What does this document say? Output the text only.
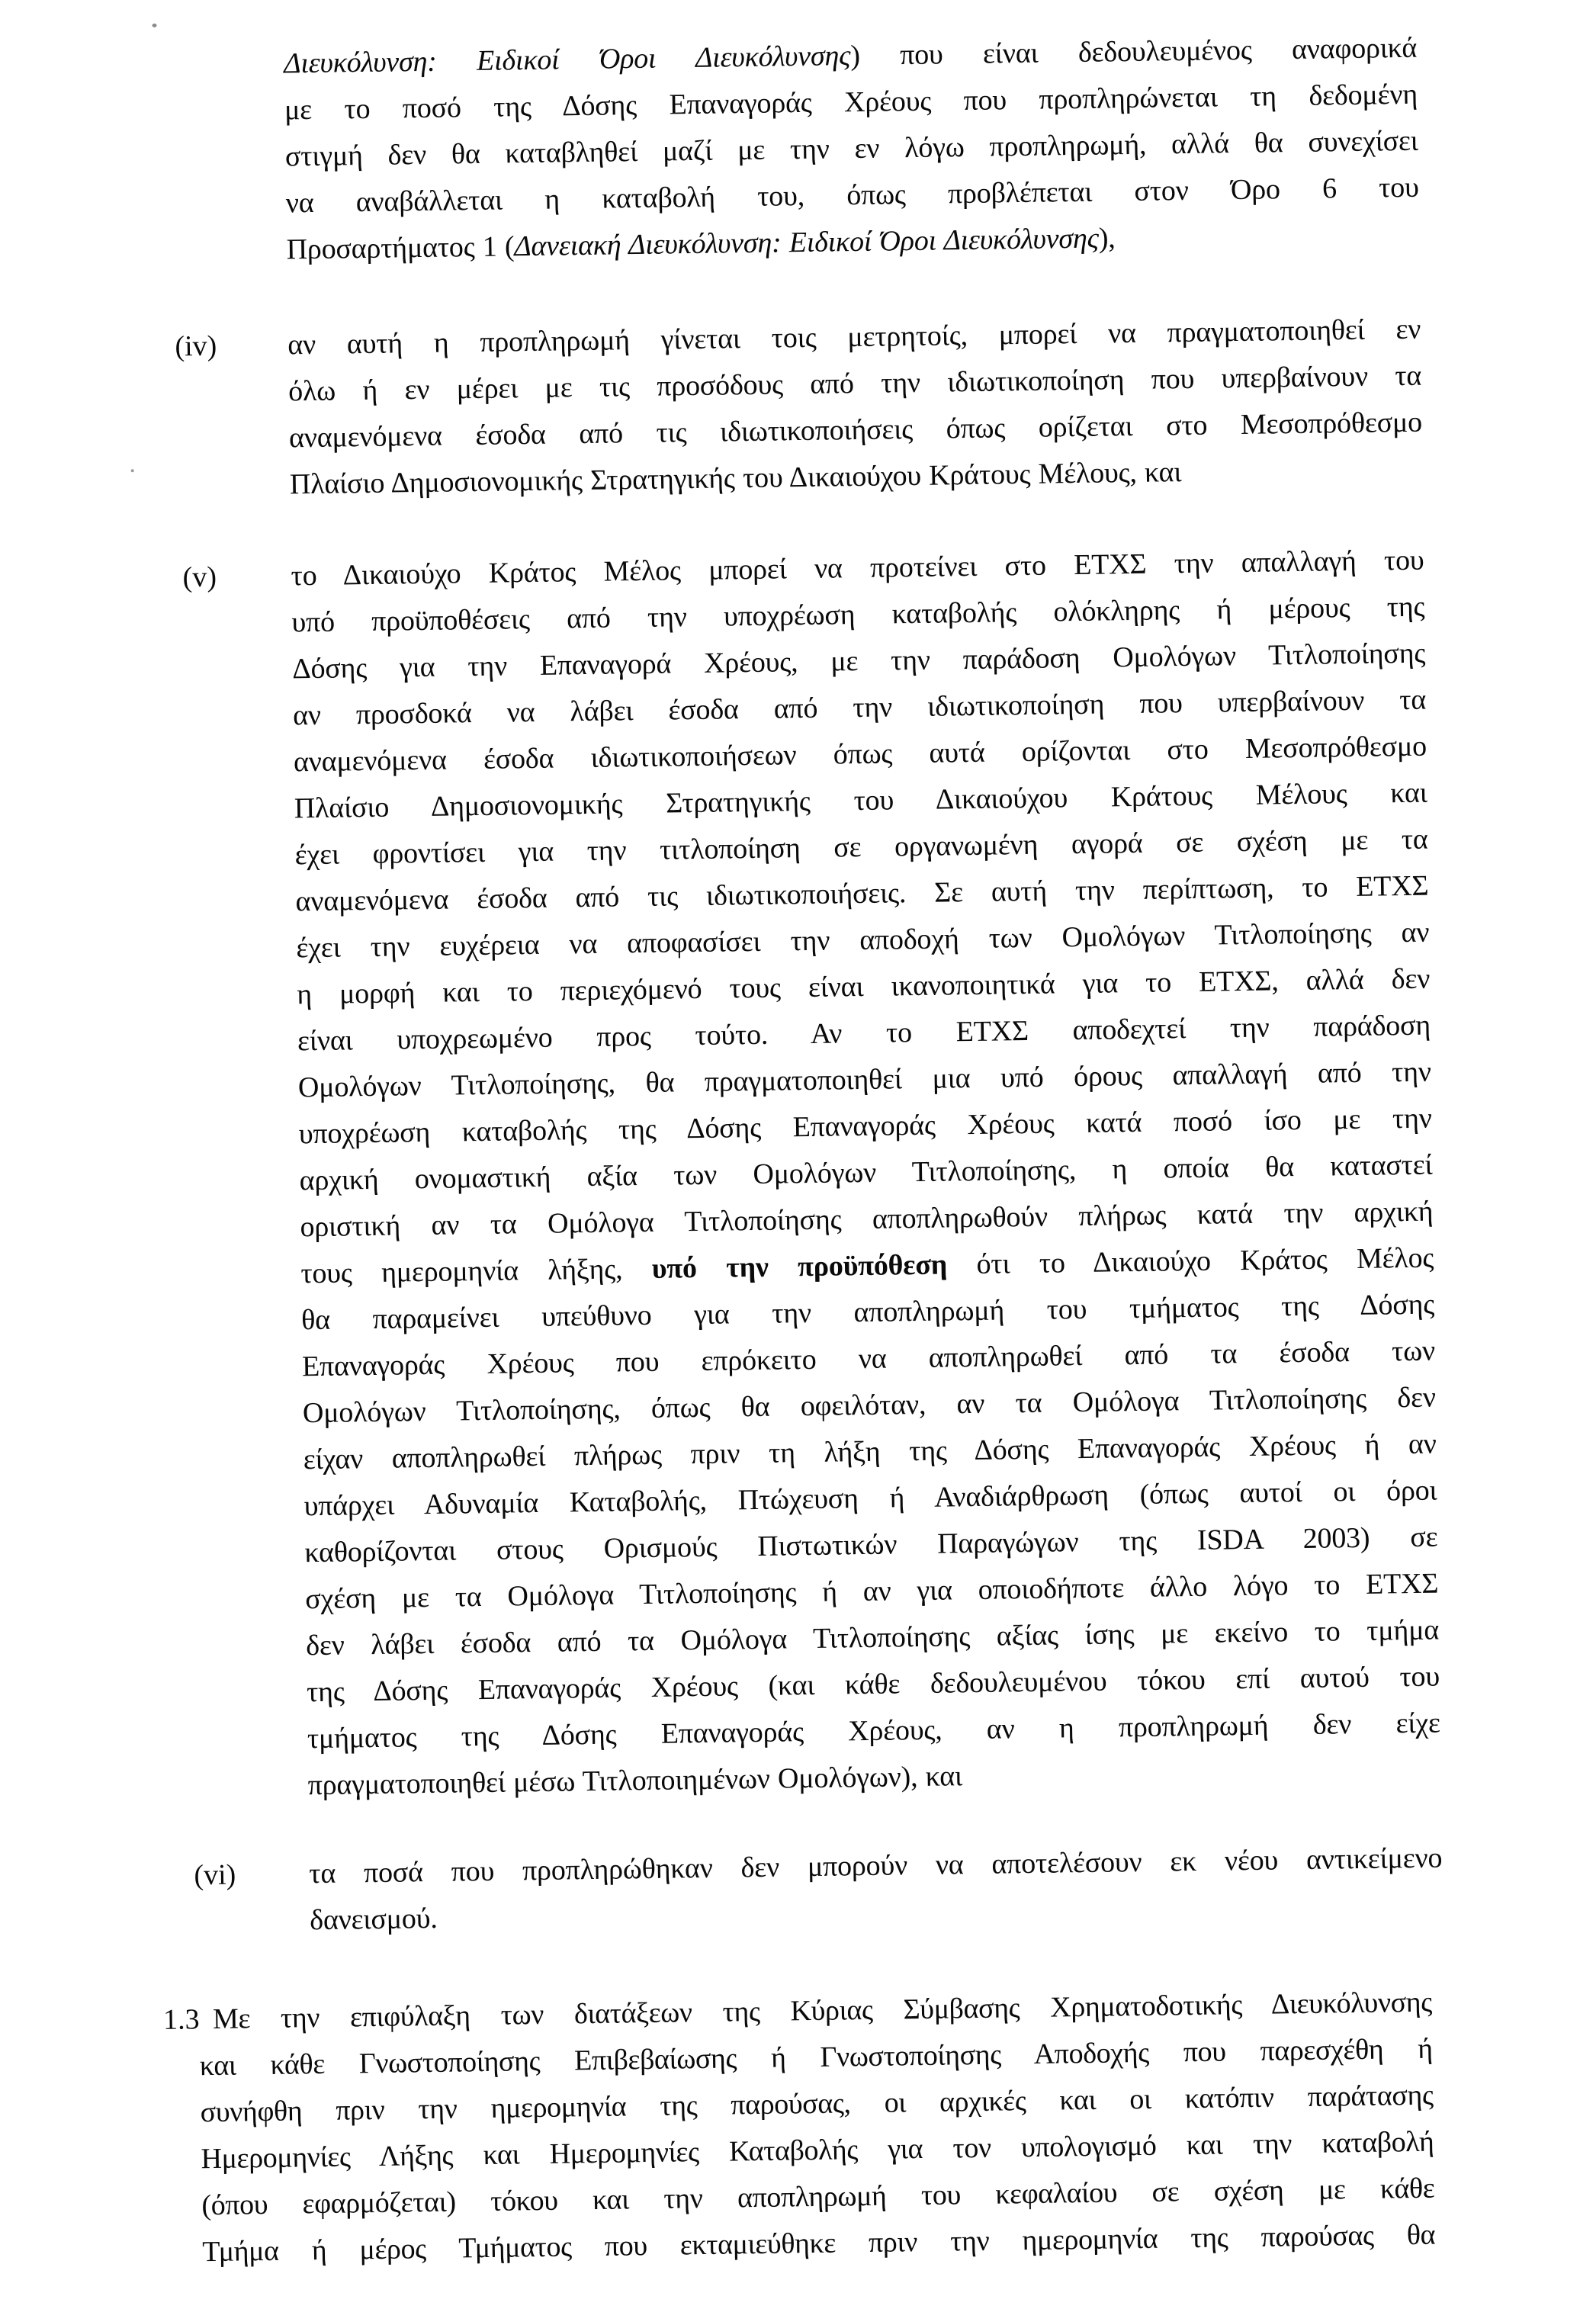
Διευκόλυνση: Ειδικοί Όροι Διευκόλυνσης) που είναι δεδουλευμένος αναφορικά
με το ποσό της Δόσης Επαναγοράς Χρέους που προπληρώνεται τη δεδομένη
στιγμή δεν θα καταβληθεί μαζί με την εν λόγω προπληρωμή, αλλά θα συνεχίσει
να αναβάλλεται η καταβολή του, όπως προβλέπεται στον Όρο 6 του
Προσαρτήματος 1 (Δανειακή Διευκόλυνση: Ειδικοί Όροι Διευκόλυνσης),
(iv) αν αυτή η προπληρωμή γίνεται τοις μετρητοίς, μπορεί να πραγματοποιηθεί εν
όλω ή εν μέρει με τις προσόδους από την ιδιωτικοποίηση που υπερβαίνουν τα
αναμενόμενα έσοδα από τις ιδιωτικοποιήσεις όπως ορίζεται στο Μεσοπρόθεσμο
Πλαίσιο Δημοσιονομικής Στρατηγικής του Δικαιούχου Κράτους Μέλους, και
(v)	το Δικαιούχο Κράτος Μέλος μπορεί να προτείνει στο ΕΤΧΣ την απαλλαγή του
υπό προϋποθέσεις από την υποχρέωση καταβολής ολόκληρης ή μέρους της
Δόσης για την Επαναγορά Χρέους, με την παράδοση Ομολόγων Τιτλοποίησης
αν προσδοκά να λάβει έσοδα από την ιδιωτικοποίηση που υπερβαίνουν τα
αναμενόμενα έσοδα ιδιωτικοποιήσεων όπως αυτά ορίζονται στο Μεσοπρόθεσμο
Πλαίσιο Δημοσιονομικής Στρατηγικής του Δικαιούχου Κράτους Μέλους και
έχει φροντίσει για την τιτλοποίηση σε οργανωμένη αγορά σε σχέση με τα
αναμενόμενα έσοδα από τις ιδιωτικοποιήσεις. Σε αυτή την περίπτωση, το ΕΤΧΣ
έχει την ευχέρεια να αποφασίσει την αποδοχή των Ομολόγων Τιτλοποίησης αν
η μορφή και το περιεχόμενό τους είναι ικανοποιητικά για το ΕΤΧΣ, αλλά δεν
είναι υποχρεωμένο προς τούτο. Αν το ΕΤΧΣ αποδεχτεί την παράδοση
Ομολόγων Τιτλοποίησης, θα πραγματοποιηθεί μια υπό όρους απαλλαγή από την
υποχρέωση καταβολής της Δόσης Επαναγοράς Χρέους κατά ποσό ίσο με την
αρχική ονομαστική αξία των Ομολόγων Τιτλοποίησης, η οποία θα καταστεί
οριστική αν τα Ομόλογα Τιτλοποίησης αποπληρωθούν πλήρως κατά την αρχική
τους ημερομηνία λήξης, υπό την προϋπόθεση ότι το Δικαιούχο Κράτος Μέλος
θα παραμείνει υπεύθυνο για την αποπληρωμή του τμήματος της Δόσης
Επαναγοράς Χρέους που επρόκειτο να αποπληρωθεί από τα έσοδα των
Ομολόγων Τιτλοποίησης, όπως θα οφειλόταν, αν τα Ομόλογα Τιτλοποίησης δεν
είχαν αποπληρωθεί πλήρως πριν τη λήξη της Δόσης Επαναγοράς Χρέους ή αν
υπάρχει Αδυναμία Καταβολής, Πτώχευση ή Αναδιάρθρωση (όπως αυτοί οι όροι
καθορίζονται στους Ορισμούς Πιστωτικών Παραγώγων της ISDA 2003) σε
σχέση με τα Ομόλογα Τιτλοποίησης ή αν για οποιοδήποτε άλλο λόγο το ΕΤΧΣ
δεν λάβει έσοδα από τα Ομόλογα Τιτλοποίησης αξίας ίσης με εκείνο το τμήμα
της Δόσης Επαναγοράς Χρέους (και κάθε δεδουλευμένου τόκου επί αυτού του
τμήματος της Δόσης Επαναγοράς Χρέους, αν η προπληρωμή δεν είχε
πραγματοποιηθεί μέσω Τιτλοποιημένων Ομολόγων), και
(vi)	τα ποσά που προπληρώθηκαν δεν μπορούν να αποτελέσουν εκ νέου αντικείμενο
δανεισμού.
1.3 Με την επιφύλαξη των διατάξεων της Κύριας Σύμβασης Χρηματοδοτικής Διευκόλυνσης
και κάθε Γνωστοποίησης Επιβεβαίωσης ή Γνωστοποίησης Αποδοχής που παρεσχέθη ή
συνήφθη πριν την ημερομηνία της παρούσας, οι αρχικές και οι κατόπιν παράτασης
Ημερομηνίες Λήξης και Ημερομηνίες Καταβολής για τον υπολογισμό και την καταβολή
(όπου εφαρμόζεται) τόκου και την αποπληρωμή του κεφαλαίου σε σχέση με κάθε
Τμήμα ή μέρος Τμήματος που εκταμιεύθηκε πριν την ημερομηνία της παρούσας θα
